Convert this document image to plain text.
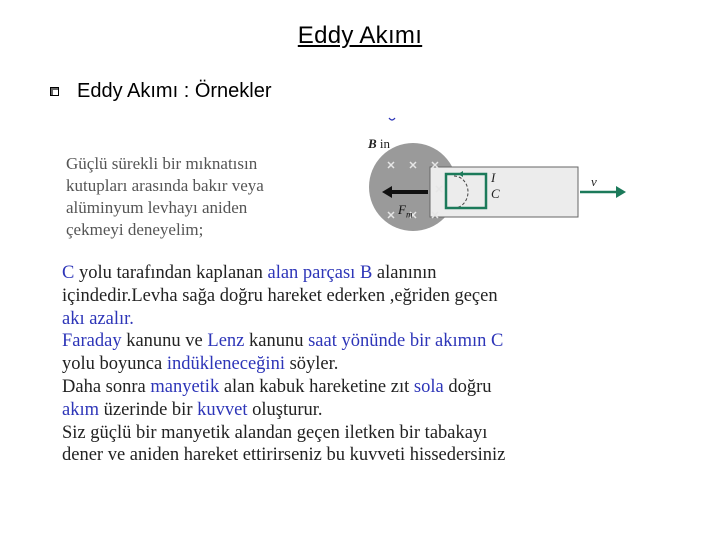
Eddy Akımı
Eddy Akımı : Örnekler
Güçlü sürekli bir mıknatısın
kutupları arasında bakır veya
alüminyum levhayı aniden
çekmeyi deneyelim;
B in
I
C
v
$F_m$
C yolu tarafından kaplanan alan parçası B alanının
içindedir.Levha sağa doğru hareket ederken ,eğriden geçen
akı azalır.
Faraday kanunu ve Lenz kanunu saat yönünde bir akımın C
yolu boyunca indükleneceğini söyler.
Daha sonra manyetik alan kabuk hareketine zıt sola doğru
akım üzerinde bir kuvvet oluşturur.
Siz güçlü bir manyetik alandan geçen iletken bir tabakayı
dener ve aniden hareket ettirirseniz bu kuvveti hissedersiniz
